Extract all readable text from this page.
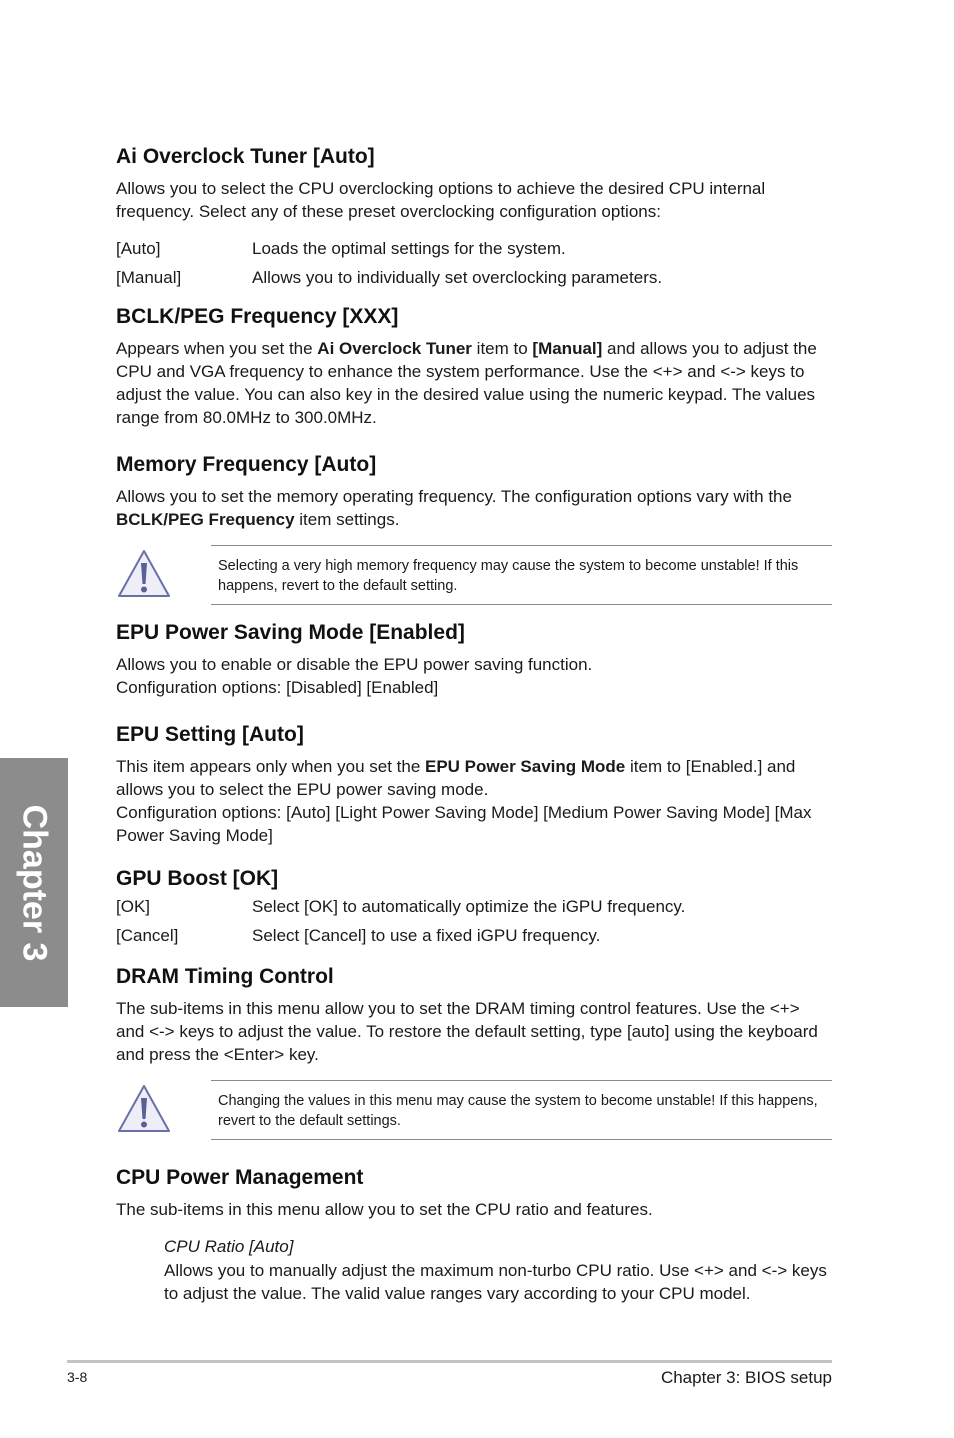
Chapter 3
Ai Overclock Tuner [Auto]

Allows you to select the CPU overclocking options to achieve the desired CPU internal frequency. Select any of these preset overclocking configuration options:

[Auto]	Loads the optimal settings for the system.
[Manual]	Allows you to individually set overclocking parameters.
BCLK/PEG Frequency [XXX]

Appears when you set the Ai Overclock Tuner item to [Manual] and allows you to adjust the CPU and VGA frequency to enhance the system performance. Use the <+> and <-> keys to adjust the value. You can also key in the desired value using the numeric keypad. The values range from 80.0MHz to 300.0MHz.

Memory Frequency [Auto]

Allows you to set the memory operating frequency. The configuration options vary with the BCLK/PEG Frequency item settings.

Selecting a very high memory frequency may cause the system to become unstable! If this happens, revert to the default setting.
EPU Power Saving Mode [Enabled]

Allows you to enable or disable the EPU power saving function.

Configuration options: [Disabled] [Enabled]

EPU Setting [Auto]

This item appears only when you set the EPU Power Saving Mode item to [Enabled.] and allows you to select the EPU power saving mode.

Configuration options: [Auto] [Light Power Saving Mode] [Medium Power Saving Mode] [Max Power Saving Mode]

GPU Boost [OK]
[OK]	Select [OK] to automatically optimize the iGPU frequency.
[Cancel]	Select [Cancel] to use a fixed iGPU frequency.
DRAM Timing Control

The sub-items in this menu allow you to set the DRAM timing control features. Use the <+> and <-> keys to adjust the value. To restore the default setting, type [auto] using the keyboard and press the <Enter> key.

Changing the values in this menu may cause the system to become unstable! If this happens, revert to the default settings.
CPU Power Management

The sub-items in this menu allow you to set the CPU ratio and features.

CPU Ratio [Auto]

Allows you to manually adjust the maximum non-turbo CPU ratio. Use <+> and <-> keys to adjust the value. The valid value ranges vary according to your CPU model.

3-8	Chapter 3: BIOS setup
